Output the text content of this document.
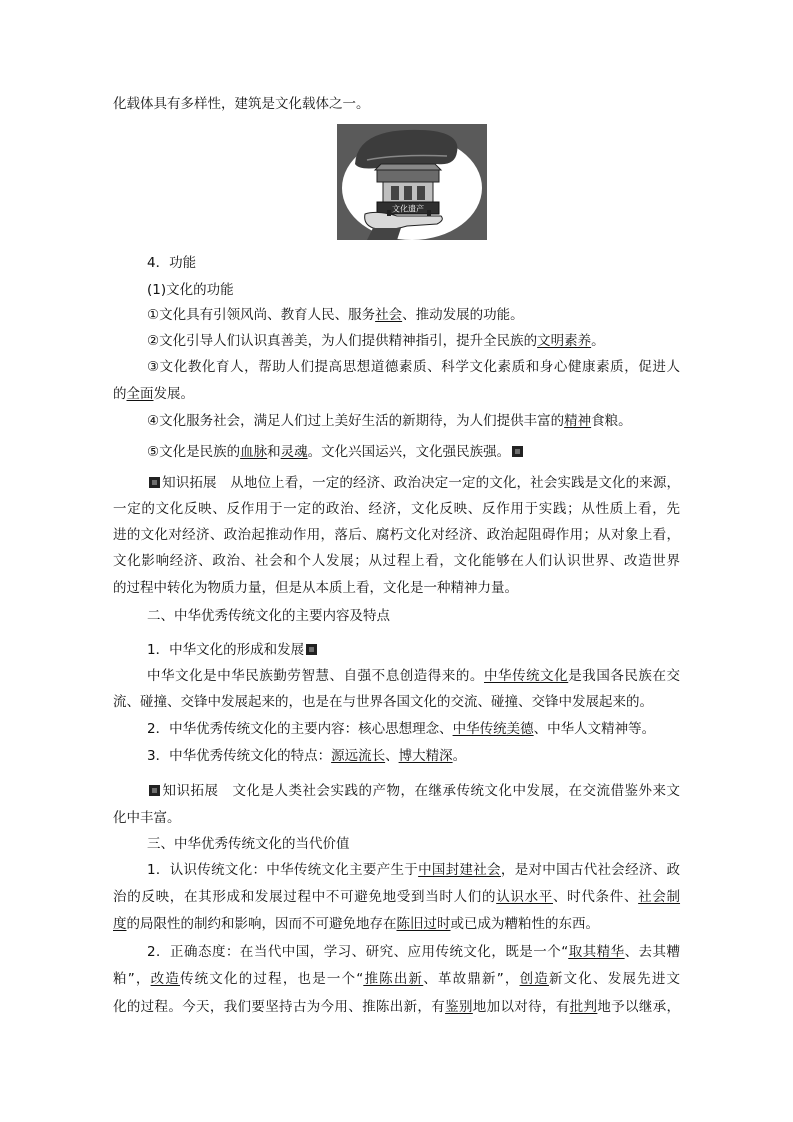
化载体具有多样性，建筑是文化载体之一。
文化遗产
4．功能
(1)文化的功能
①文化具有引领风尚、教育人民、服务社会、推动发展的功能。
②文化引导人们认识真善美，为人们提供精神指引，提升全民族的文明素养。
③文化教化育人，帮助人们提高思想道德素质、科学文化素质和身心健康素质，促进人
的全面发展。
④文化服务社会，满足人们过上美好生活的新期待，为人们提供丰富的精神食粮。
⑤文化是民族的血脉和灵魂。文化兴国运兴，文化强民族强。
知识拓展　从地位上看，一定的经济、政治决定一定的文化，社会实践是文化的来源，
一定的文化反映、反作用于一定的政治、经济，文化反映、反作用于实践；从性质上看，先
进的文化对经济、政治起推动作用，落后、腐朽文化对经济、政治起阻碍作用；从对象上看，
文化影响经济、政治、社会和个人发展；从过程上看，文化能够在人们认识世界、改造世界
的过程中转化为物质力量，但是从本质上看，文化是一种精神力量。
二、中华优秀传统文化的主要内容及特点
1．中华文化的形成和发展
中华文化是中华民族勤劳智慧、自强不息创造得来的。中华传统文化是我国各民族在交
流、碰撞、交锋中发展起来的，也是在与世界各国文化的交流、碰撞、交锋中发展起来的。
2．中华优秀传统文化的主要内容：核心思想理念、中华传统美德、中华人文精神等。
3．中华优秀传统文化的特点：源远流长、博大精深。
知识拓展　文化是人类社会实践的产物，在继承传统文化中发展，在交流借鉴外来文
化中丰富。
三、中华优秀传统文化的当代价值
1．认识传统文化：中华传统文化主要产生于中国封建社会，是对中国古代社会经济、政
治的反映，在其形成和发展过程中不可避免地受到当时人们的认识水平、时代条件、社会制
度的局限性的制约和影响，因而不可避免地存在陈旧过时或已成为糟粕性的东西。
2．正确态度：在当代中国，学习、研究、应用传统文化，既是一个“取其精华、去其糟
粕”，改造传统文化的过程，也是一个“推陈出新、革故鼎新”，创造新文化、发展先进文
化的过程。今天，我们要坚持古为今用、推陈出新，有鉴别地加以对待，有批判地予以继承，
